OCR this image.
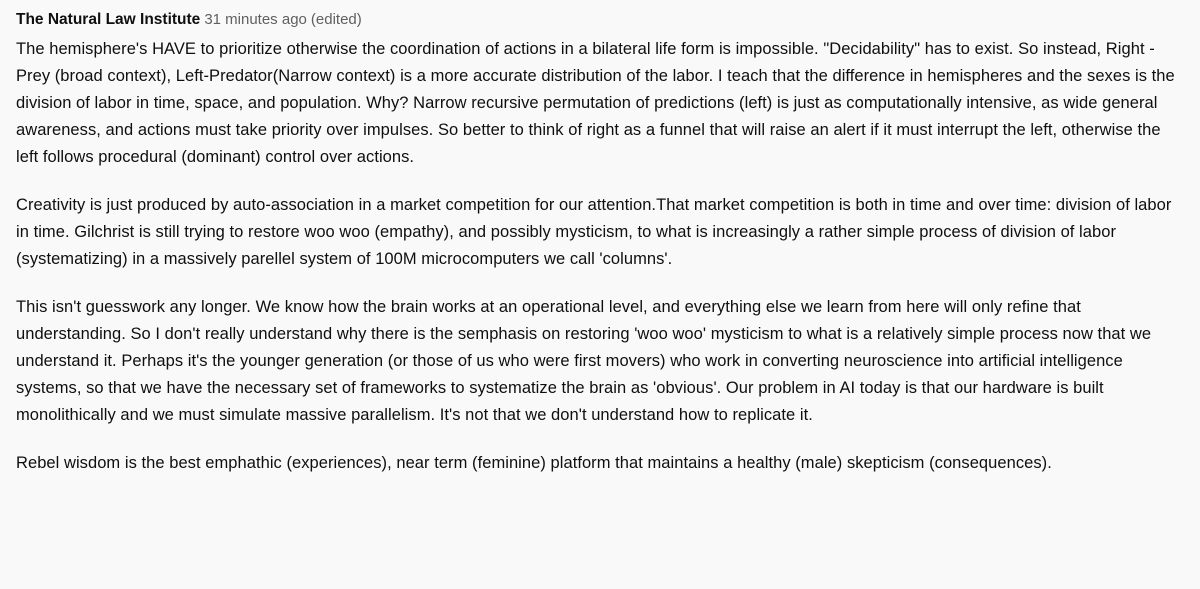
The Natural Law Institute 31 minutes ago (edited)

The hemisphere's HAVE to prioritize otherwise the coordination of actions in a bilateral life form is impossible. "Decidability" has to exist. So instead, Right - Prey (broad context), Left-Predator(Narrow context) is a more accurate distribution of the labor. I teach that the difference in hemispheres and the sexes is the division of labor in time, space, and population. Why? Narrow recursive permutation of predictions (left) is just as computationally intensive, as wide general awareness, and actions must take priority over impulses. So better to think of right as a funnel that will raise an alert if it must interrupt the left, otherwise the left follows procedural (dominant) control over actions.

Creativity is just produced by auto-association in a market competition for our attention.That market competition is both in time and over time: division of labor in time. Gilchrist is still trying to restore woo woo (empathy), and possibly mysticism, to what is increasingly a rather simple process of division of labor (systematizing) in a massively parellel system of 100M microcomputers we call 'columns'.

This isn't guesswork any longer. We know how the brain works at an operational level, and everything else we learn from here will only refine that understanding. So I don't really understand why there is the semphasis on restoring 'woo woo' mysticism to what is a relatively simple process now that we understand it. Perhaps it's the younger generation (or those of us who were first movers) who work in converting neuroscience into artificial intelligence systems, so that we have the necessary set of frameworks to systematize the brain as 'obvious'. Our problem in AI today is that our hardware is built monolithically and we must simulate massive parallelism. It's not that we don't understand how to replicate it.

Rebel wisdom is the best emphathic (experiences), near term (feminine) platform that maintains a healthy (male) skepticism (consequences).
